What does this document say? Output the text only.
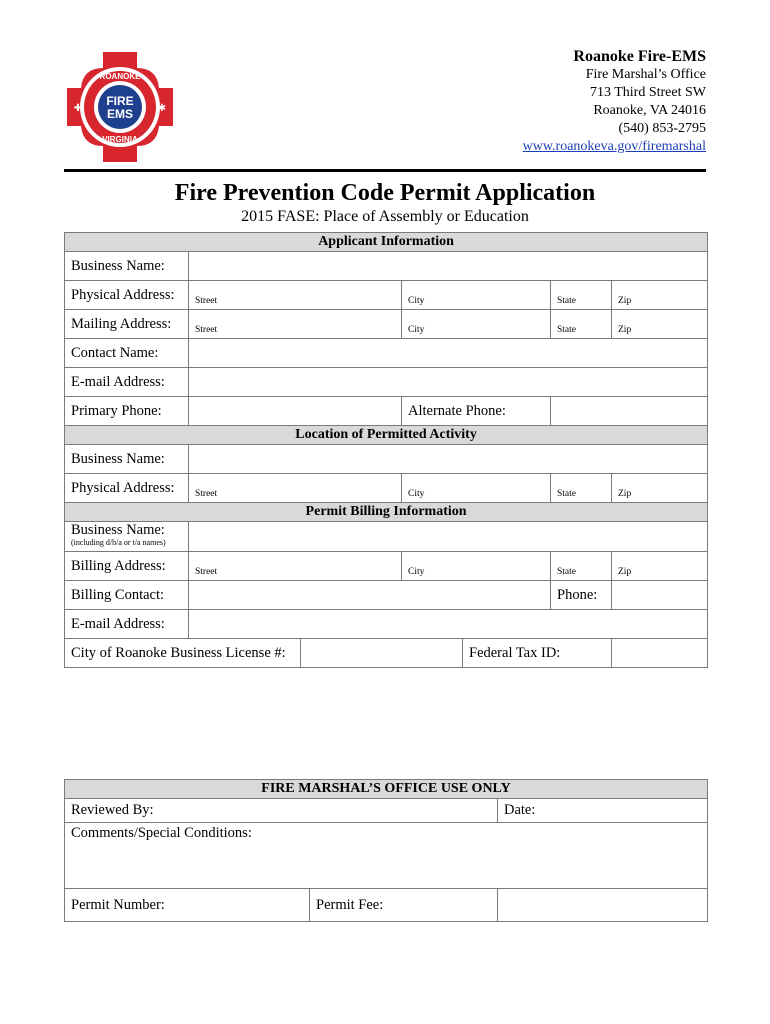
ROANOKE
FIRE
EMS
VIRGINIA
✚	✱
Roanoke Fire-EMS
Fire Marshal’s Office
713 Third Street SW
Roanoke, VA 24016
(540) 853-2795
www.roanokeva.gov/firemarshal
Fire Prevention Code Permit Application
2015 FASE: Place of Assembly or Education
Applicant Information						
Business Name:						
Physical Address:	Street		City		State	Zip

Mailing Address:	Street		City		State	Zip

Contact Name:						
E-mail Address:						
Primary Phone:			Alternate Phone:			
Location of Permitted Activity						
Business Name:						
Physical Address:	Street		City		State	Zip

Permit Billing Information						
Business Name:
(including d/b/a or t/a names)						

Billing Address:	Street		City		State	Zip

Billing Contact:					Phone:	
E-mail Address:						
City of Roanoke Business License #:				Federal Tax ID:		
FIRE MARSHAL’S OFFICE USE ONLY		
Reviewed By:		Date:
Comments/Special Conditions:		
Permit Number:	Permit Fee:	
